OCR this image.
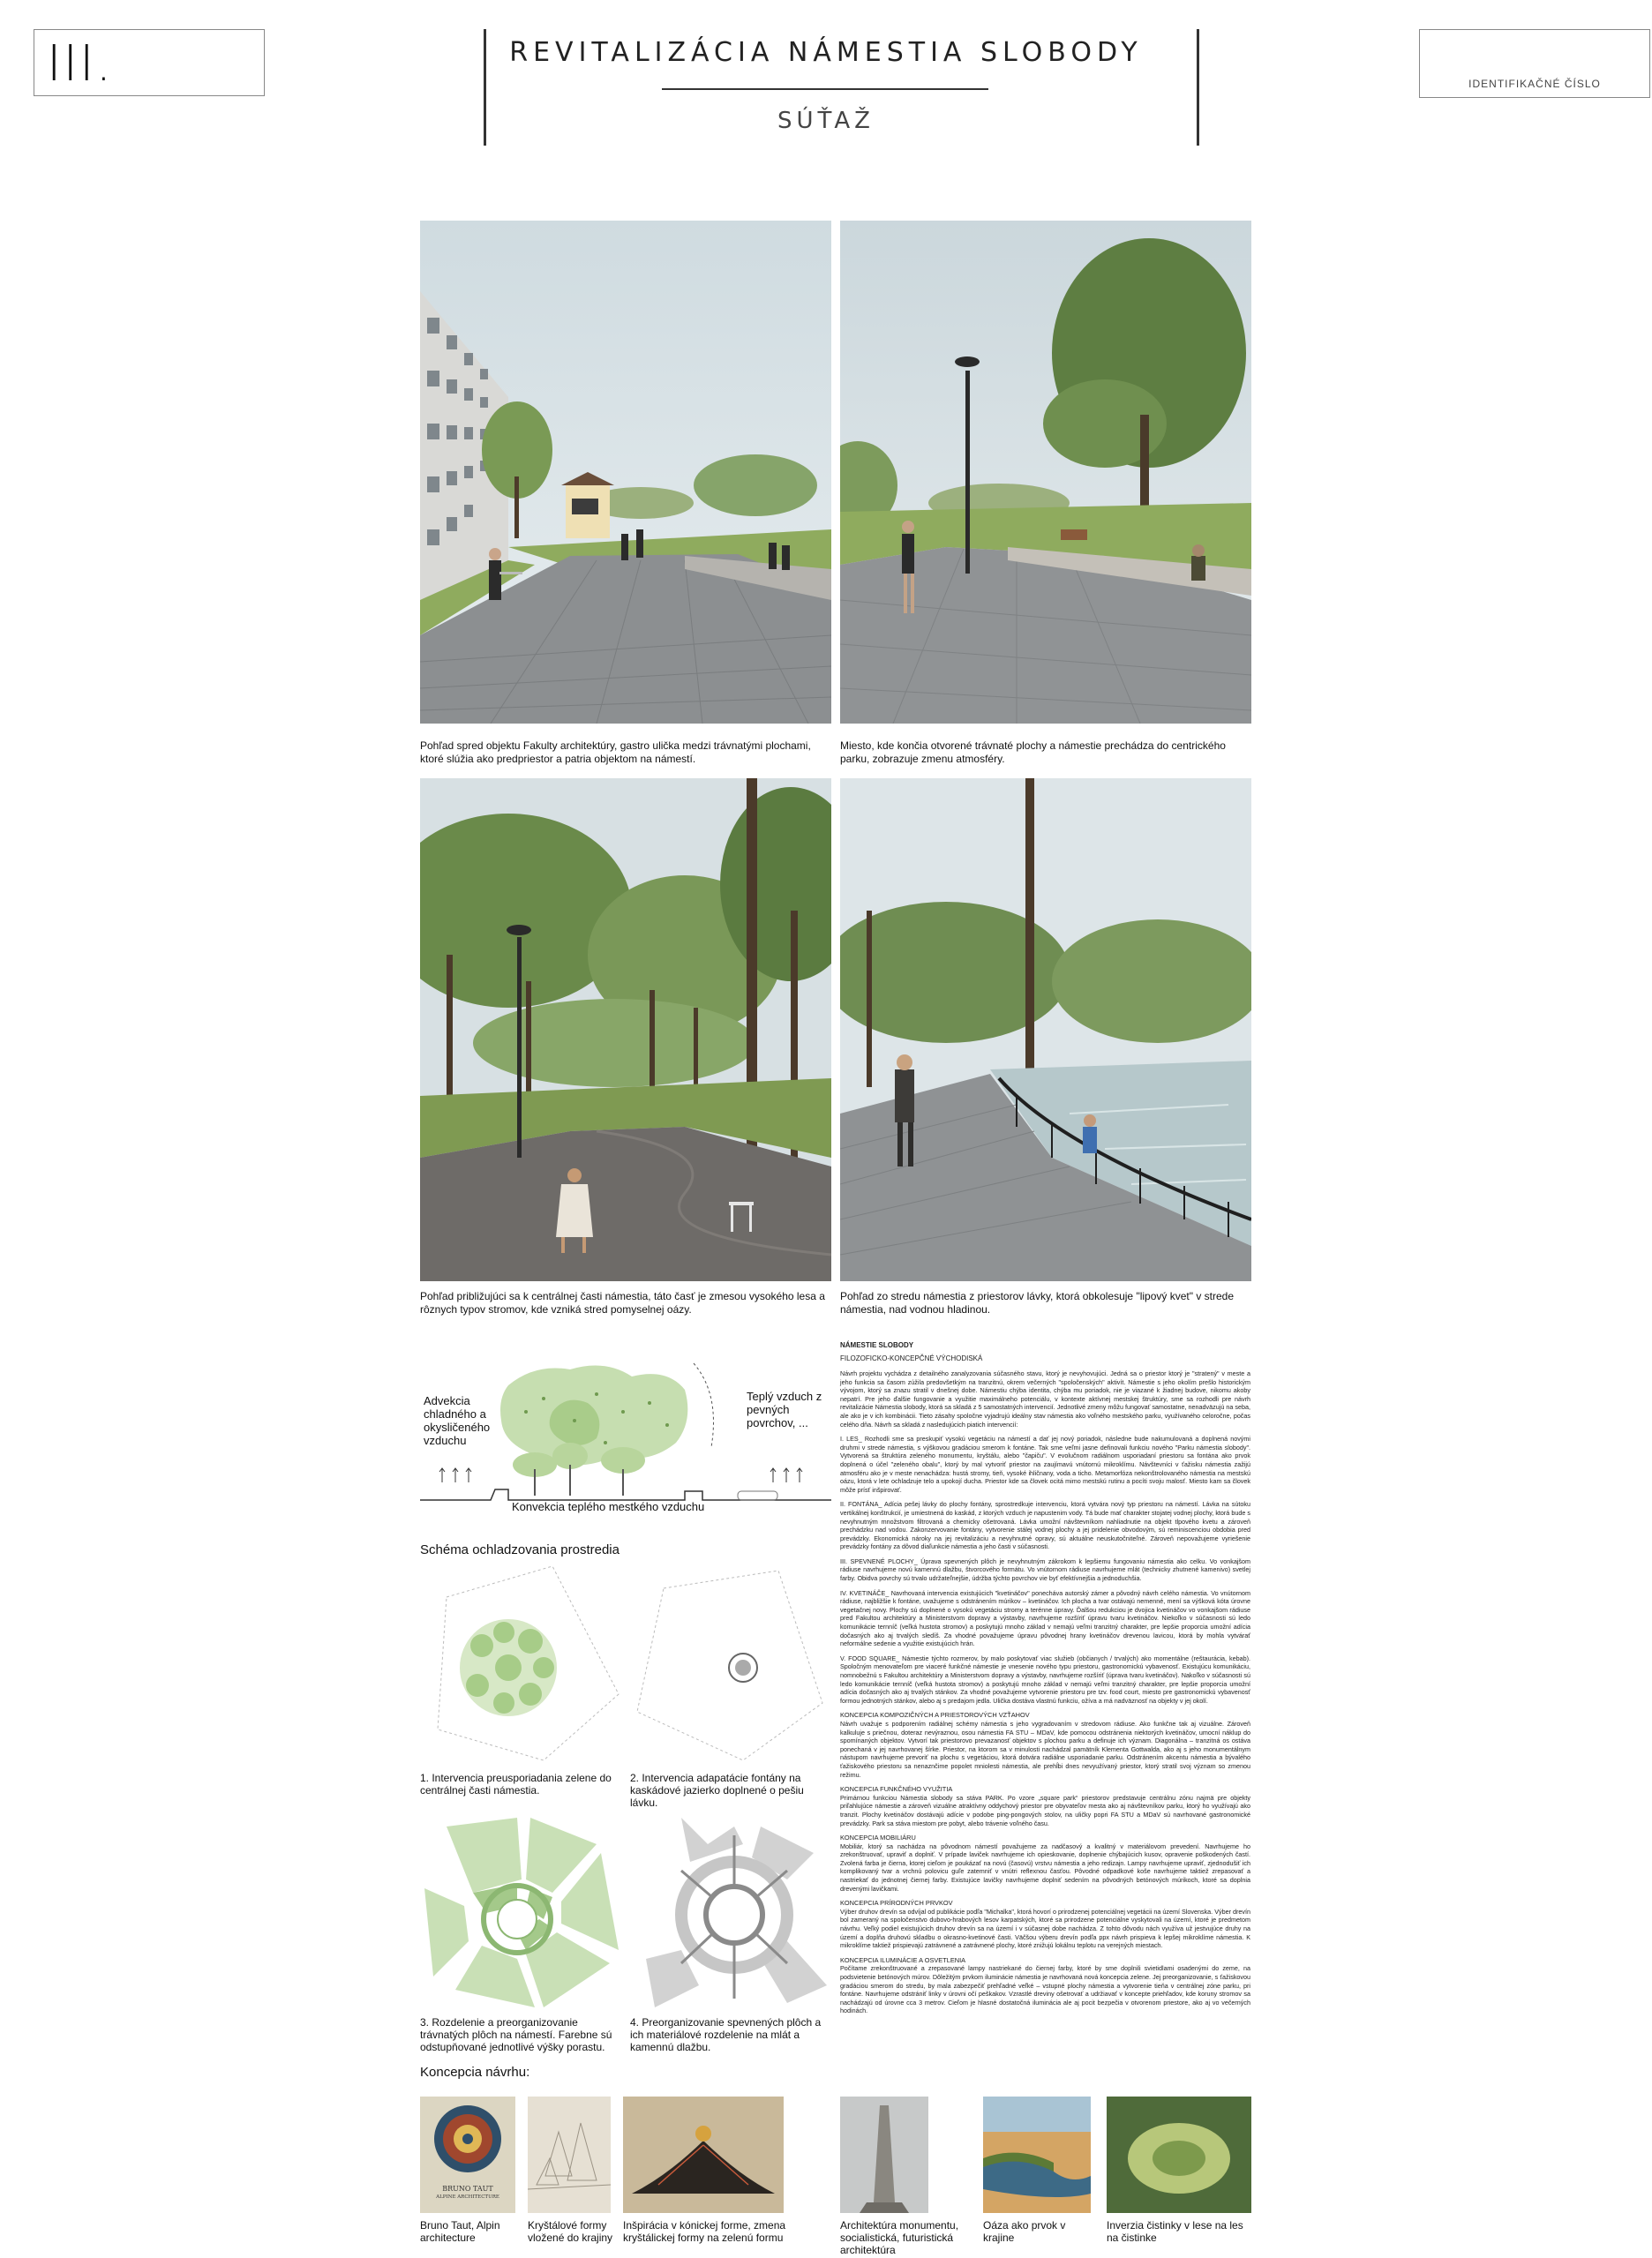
III.	REVITALIZÁCIA NÁMESTIA SLOBODY
SÚŤAŽ
IDENTIFIKAČNÉ ČÍSLO
Pohľad spred objektu Fakulty architektúry, gastro ulička medzi trávnatými plochami, ktoré slúžia ako predpriestor a patria objektom na námestí.
Miesto, kde končia otvorené trávnaté plochy a námestie prechádza do centrického parku, zobrazuje zmenu atmosféry.
Pohľad približujúci sa k centrálnej časti námestia, táto časť je zmesou vysokého lesa a rôznych typov stromov, kde vzniká stred pomyselnej oázy.
Pohľad zo stredu námestia z priestorov lávky, ktorá obkolesuje "lipový kvet" v strede námestia, nad vodnou hladinou.
Advekcia chladného a okysličeného vzduchu
Teplý vzduch z pevných povrchov, ...
Konvekcia teplého mestkého vzduchu
Schéma ochladzovania prostredia
1. Intervencia preusporiadania zelene do centrálnej časti námestia.
2. Intervencia adapatácie fontány na kaskádové jazierko doplnené o pešiu lávku.
3. Rozdelenie a preorganizovanie trávnatých plôch na námestí. Farebne sú odstupňované jednotlivé výšky porastu.
4. Preorganizovanie spevnených plôch a ich materiálové rozdelenie na mlát a kamennú dlažbu.
Koncepcia návrhu:
BRUNO TAUT
ALPINE ARCHITECTURE
Bruno Taut, Alpin architecture
Kryštálové formy vložené do krajiny
Inšpirácia v kónickej forme, zmena kryštálickej formy na zelenú formu
Architektúra monumentu, socialistická, futuristická architektúra
Oáza ako prvok v krajine
Inverzia čistinky v lese na les na čistinke
NÁMESTIE SLOBODY
FILOZOFICKO-KONCEPČNÉ VÝCHODISKÁ

Návrh projektu vychádza z detailného zanalyzovania súčasného stavu, ktorý je nevyhovujúci. Jedná sa o priestor ktorý je "stratený" v meste a jeho funkcia sa časom zúžila predovšetkým na tranzitnú, okrem večerných "spoločenských" aktivít. Námestie s jeho okolím prešlo historickým vývojom, ktorý sa znazu stratil v dnešnej dobe. Námestiu chýba identita, chýba mu poriadok, nie je viazané k žiadnej budove, nikomu akoby nepatrí. Pre jeho ďalšie fungovanie a využitie maximálneho potenciálu, v kontexte aktívnej mestskej štruktúry, sme sa rozhodli pre návrh revitalizácie Námestia slobody, ktorá sa skladá z 5 samostatných intervencií. Jednotlivé zmeny môžu fungovať samostatne, nenadväzujú na seba, ale ako je v ich kombinácii. Tieto zásahy spoločne vyjadrujú ideálny stav námestia ako voľného mestského parku, využívaného celoročne, počas celého dňa. Návrh sa skladá z nasledujúcich piatich intervencií:

I. LES_ Rozhodli sme sa preskupiť vysokú vegetáciu na námestí a dať jej nový poriadok, následne bude nakumulovaná a doplnená novými druhmi v strede námestia, s výškovou gradáciou smerom k fontáne. Tak sme veľmi jasne definovali funkciu nového "Parku námestia slobody". Vytvorená sa štruktúra zeleného monumentu, kryštálu, alebo "čapiču". V evolučnom radiálnom usporiadaní priestoru sa fontána ako prvok doplnená o účel "zeleného obalu", ktorý by mal vytvoriť priestor na zaujímavú vnútornú mikroklímu. Návštevníci v ťažisku námestia zažijú atmosféru ako je v meste nenachádza: hustá stromy, tieň, vysoké ihličnany, voda a ticho. Metamorfóza nekonštrolovaného námestia na mestskú oázu, ktorá v lete ochladzuje telo a upokojí ducha. Priestor kde sa človek ocitá mimo mestskú rutinu a pocíti svoju malosť. Miesto kam sa človek môže prísť inšpirovať.

II. FONTÁNA_ Adícia pešej lávky do plochy fontány, sprostredkuje intervenciu, ktorá vytvára nový typ priestoru na námestí. Lávka na sútoku vertikálnej konštrukcií, je umiestnená do kaskád, z ktorých vzduch je napustenim vody. Tá bude mať charakter stojatej vodnej plochy, ktorá bude s nevyhnutným množstvom filtrovaná a chemicky ošetrovaná. Lávka umožní návštevníkom nahliadnutie na objekt tlpového kvetu a zároveň prechádzku nad vodou. Zakonzervovanie fontány, vytvorenie stálej vodnej plochy a jej pridelenie obvodovým, sú reminiscenciou obdobia pred prevádzky. Ekonomická nároky na jej revitalizáciu a nevyhnutné opravy, sú aktuálne neuskutočniteľné. Zároveň nepovažujeme vyriešenie prevádzky fontány za dôvod diaľunkcie námestia a jeho časti v súčasnosti.

III. SPEVNENÉ PLOCHY_ Úprava spevnených plôch je nevyhnutným zákrokom k lepšiemu fungovaniu námestia ako celku. Vo vonkajšom rádiuse navrhujeme novú kamennú dlažbu, štvorcového formátu. Vo vnútornom rádiuse navrhujeme mlát (technicky zhutnené kamenivo) svetlej farby. Obidva povrchy sú trvalo udržateľnejšie, údržba týchto povrchov vie byť efektívnejšia a jednoduchšia.

IV. KVETINÁČE_ Navrhovaná intervencia existujúcich "kvetináčov" ponecháva autorský zámer a pôvodný návrh celého námestia. Vo vnútornom rádiuse, najbližšie k fontáne, uvažujeme s odstránením múrikov – kvetináčov. Ich plocha a tvar ostávajú nemenné, mení sa výšková kóta úrovne vegetačnej novy. Plochy sú doplnené o vysokú vegetáciu stromy a terénne úpravy. Ďalšou redukciou je dvojica kvetináčov vo vonkajšom rádiuse pred Fakultou architektúry a Ministerstvom dopravy a výstavby, navrhujeme rozšíriť úpravu tvaru kvetináčov. Niekoľko v súčasnosti sú ledo komunikácie ternníč (veľká hustota stromov) a poskytujú mnoho základ v nemajú veľmi tranzitný charakter, pre lepšie proporcia umožní adícia dočasných ako aj trvalých sledíš. Za vhodné považujeme úpravu pôvodnej hrany kvetináčov drevenou lavicou, ktorá by mohla vytvárať neformálne sedenie a využitie existujúcich hrán.

V. FOOD SQUARE_ Námestie týchto rozmerov, by malo poskytovať viac služieb (občianych / trvalých) ako momentálne (reštaurácia, kebab). Spoločným menovateľom pre viaceré funkčné námestie je vnesenie nového typu priestoru, gastronomickú vybavenosť. Existujúcu komunikáciu, nomnobežnú s Fakultou architektúry a Ministerstvom dopravy a výstavby, navrhujeme rozšíriť (úprava tvaru kvetináčov). Nakoľko v súčasnosti sú ledo komunikácie ternníč (veľká hustota stromov) a poskytujú mnoho základ v nemajú veľmi tranzitný charakter, pre lepšie proporcia umožní adícia dočasných ako aj trvalých stánkov. Za vhodné považujeme vytvorenie priestoru pre tzv. food court, miesto pre gastronomickú vybavenosť formou jednotných stánkov, alebo aj s predajom jedla. Ulička dostáva vlastnú funkciu, ožíva a má nadväznosť na objekty v jej okolí.

KONCEPCIA KOMPOZIČNÝCH A PRIESTOROVÝCH VZŤAHOV

Návrh uvažuje s podporením radiálnej schémy námestia s jeho vygradovaním v stredovom rádiuse. Ako funkčne tak aj vizuálne. Zároveň kalkuluje s priečnou, doteraz nevýraznou, osou námestia FA STU – MDaV, kde pomocou odstránenia niektorých kvetináčov, umocní náklup do spomínaných objektov. Vytvorí tak priestorovo prevazanosť objektov s plochou parku a definuje ich význam. Diagonálna – tranzitná os ostáva ponechaná v jej navrhovanej šírke. Priestor, na ktorom sa v minulosti nachádzal pamätník Klementa Gottwalda, ako aj s jeho monumentálnym nástupom navrhujeme prevoriť na plochu s vegetáciou, ktorá dotvára radiálne usporiadanie parku. Odstránením akcentu námestia a bývalého ťažiskového priestoru sa nenaznčime popolet mniolesti námestia, ale prehĺbi dnes nevyužívaný priestor, ktorý stratil svoj význam so zmenou režimu.

KONCEPCIA FUNKČNÉHO VYUŽITIA

Primárnou funkciou Námestia slobody sa stáva PARK. Po vzore „square park“ priestorov predstavuje centrálnu zónu najmä pre objekty priľahlujúce námestie a zároveň vizuálne atraktívny oddychový priestor pre obyvateľov mesta ako aj návštevníkov parku, ktorý ho využívajú ako tranzit. Plochy kvetináčov dostávajú adície v podobe ping-pongových stolov, na uličky popri FA STU a MDaV sú navrhované gastronomické prevádzky. Park sa stáva miestom pre pobyt, alebo trávenie voľného času.

KONCEPCIA MOBILIÁRU

Mobiliár, ktorý sa nachádza na pôvodnom námestí považujeme za nadčasový a kvalitný v materiálovom prevedení. Navrhujeme ho zrekonštruovať, upraviť a doplniť. V prípade laviček navrhujeme ich opieskovanie, doplnenie chýbajúcich kusov, opravenie poškodených častí. Zvolená farba je čierna, ktorej cieľom je poukázať na novú (časovú) vrstvu námestia a jeho redizajn. Lampy navrhujeme upraviť, zjednodušiť ich komplikovaný tvar a vrchnú polovicu guľe zatemniť v vnútri reflexnou časťou. Pôvodné odpadkové koše navrhujeme taktiež zrepasovať a nastriekať do jednotnej čiernej farby. Existujúce lavičky navrhujeme doplniť sedením na pôvodných betónových múrikoch, ktoré sa doplnia drevenými lavičkami.

KONCEPCIA PRÍRODNÝCH PRVKOV

Výber druhov drevín sa odvíjal od publikácie podľa "Michalka", ktorá hovorí o prirodzenej potenciálnej vegetácii na území Slovenska. Výber drevín bol zameraný na spoločenstvo dubovo-hrabových lesov karpatských, ktoré sa prirodzene potenciálne vyskytovali na území, ktoré je predmetom návrhu. Veľký podiel existujúcich druhov drevín sa na území i v súčasnej dobe nachádza. Z tohto dôvodu nách využíva už jestvujúce druhy na území a doplňa druhovú skladbu o okrasno-kvetinové časti. Väčšou výberu drevín podľa ppx návrh prispieva k lepšej mikroklíme námestia. K mikroklíme taktiež prispievajú zatrávnené a zatrávnené plochy, ktoré znižujú lokálnu teplotu na verejných miestach.

KONCEPCIA ILUMINÁCIE A OSVETLENIA

Počítame zrekonštruované a zrepasované lampy nastriekané do čiernej farby, ktoré by sme doplnili svietidlami osadenými do zeme, na podsvietenie betónových múrov. Dôležitým prvkom iluminácie námestia je navrhovaná nová koncepcia zelene. Jej preorganizovanie, s ťažiskovou gradáciou smerom do stredu, by mala zabezpečiť prehľadné veľké – vstupné plochy námestia a vytvorenie tieňa v centrálnej zóne parku, pri fontáne. Navrhujeme odstrániť linky v úrovni očí peškakov. Vzrastlé dreviny ošetrovať a udržiavať v koncepte priehľadov, kde koruny stromov sa nachádzajú od úrovne cca 3 metrov. Cieľom je hlasné dostatočná iluminácia ale aj pocit bezpečia v otvorenom priestore, ako aj vo večerných hodinách.
